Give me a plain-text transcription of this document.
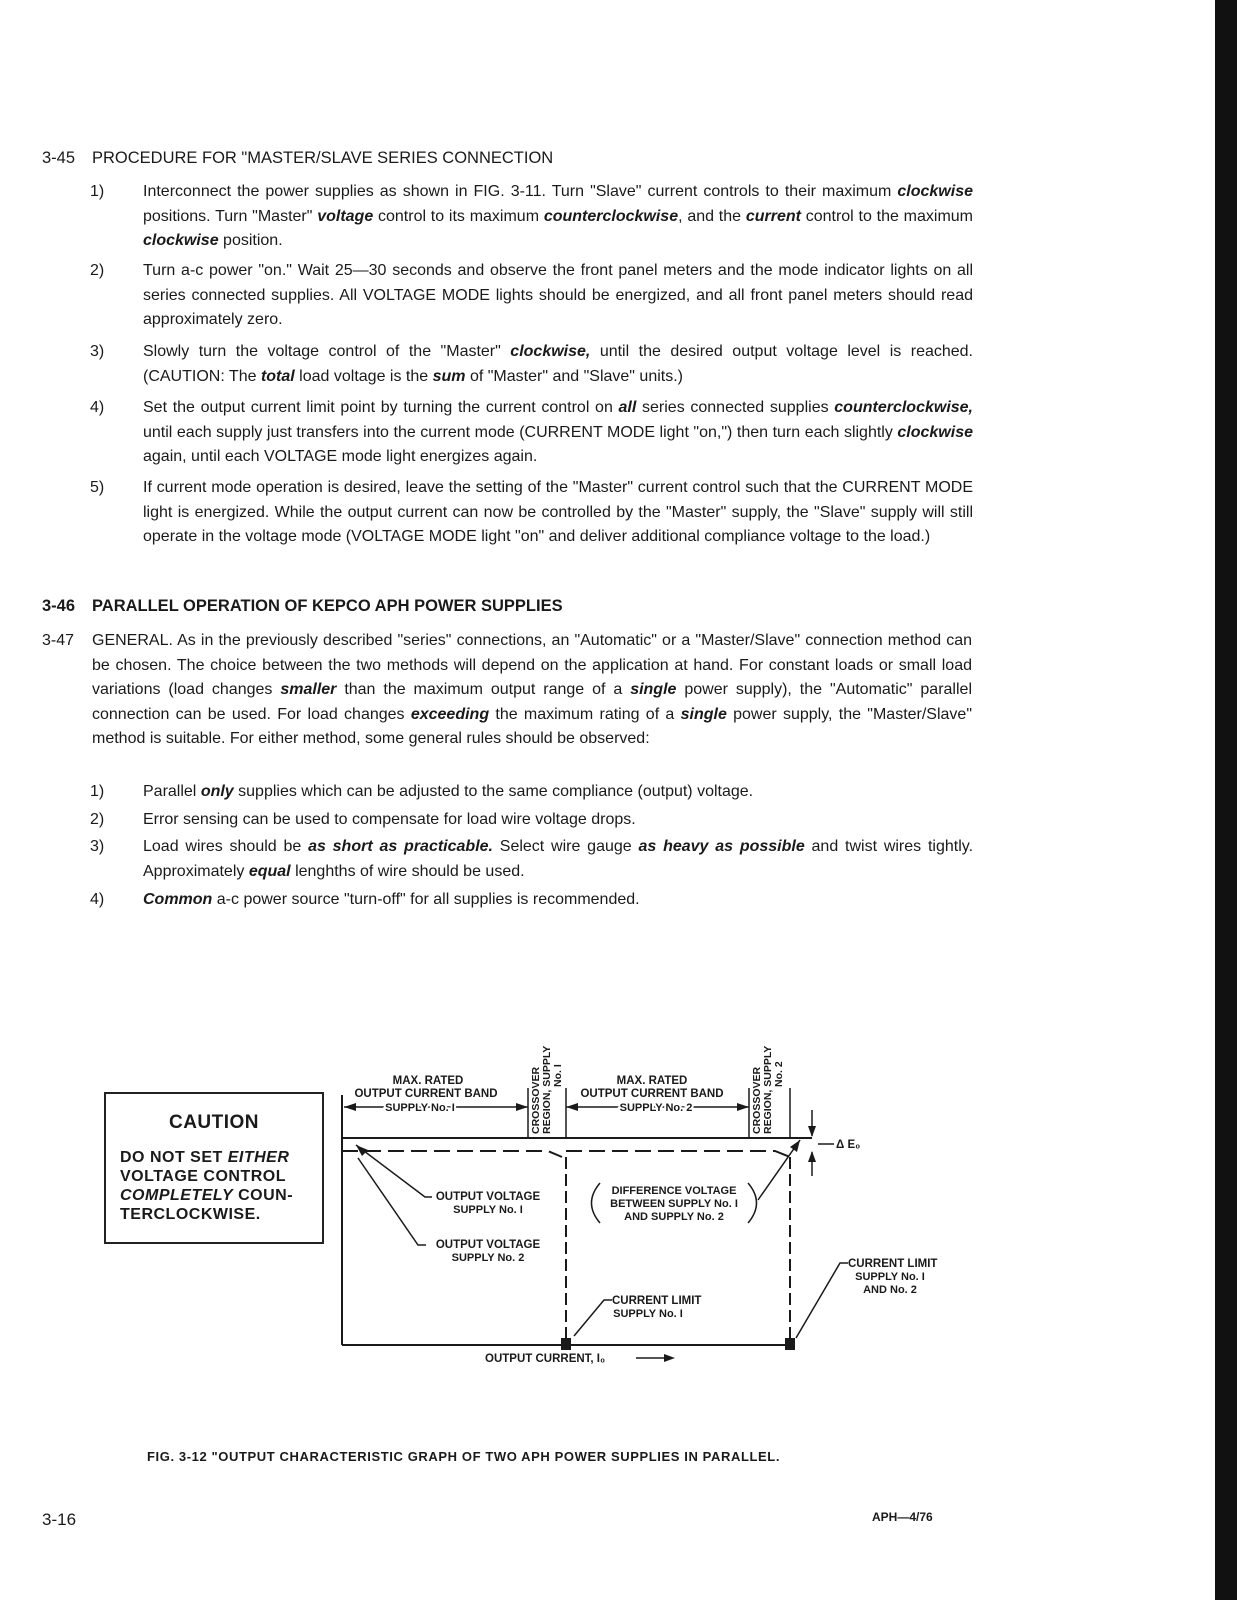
3-45 PROCEDURE FOR "MASTER/SLAVE SERIES CONNECTION
1) Interconnect the power supplies as shown in FIG. 3-11. Turn "Slave" current controls to their maximum clockwise positions. Turn "Master" voltage control to its maximum counterclockwise, and the current control to the maximum clockwise position.
2) Turn a-c power "on." Wait 25—30 seconds and observe the front panel meters and the mode indicator lights on all series connected supplies. All VOLTAGE MODE lights should be energized, and all front panel meters should read approximately zero.
3) Slowly turn the voltage control of the "Master" clockwise, until the desired output voltage level is reached. (CAUTION: The total load voltage is the sum of "Master" and "Slave" units.)
4) Set the output current limit point by turning the current control on all series connected supplies counterclockwise, until each supply just transfers into the current mode (CURRENT MODE light "on,") then turn each slightly clockwise again, until each VOLTAGE mode light energizes again.
5) If current mode operation is desired, leave the setting of the "Master" current control such that the CURRENT MODE light is energized. While the output current can now be controlled by the "Master" supply, the "Slave" supply will still operate in the voltage mode (VOLTAGE MODE light "on" and deliver additional compliance voltage to the load.)
3-46 PARALLEL OPERATION OF KEPCO APH POWER SUPPLIES
3-47 GENERAL. As in the previously described "series" connections, an "Automatic" or a "Master/Slave" connection method can be chosen. The choice between the two methods will depend on the application at hand. For constant loads or small load variations (load changes smaller than the maximum output range of a single power supply), the "Automatic" parallel connection can be used. For load changes exceeding the maximum rating of a single power supply, the "Master/Slave" method is suitable. For either method, some general rules should be observed:
1) Parallel only supplies which can be adjusted to the same compliance (output) voltage.
2) Error sensing can be used to compensate for load wire voltage drops.
3) Load wires should be as short as practicable. Select wire gauge as heavy as possible and twist wires tightly. Approximately equal lenghths of wire should be used.
4) Common a-c power source "turn-off" for all supplies is recommended.
CAUTION
DO NOT SET EITHER VOLTAGE CONTROL COMPLETELY COUN-TERCLOCKWISE.
MAX. RATED
OUTPUT CURRENT BAND
SUPPLY No. I
MAX. RATED
OUTPUT CURRENT BAND
SUPPLY No. 2
CROSSOVER REGION, SUPPLY No. I	CROSSOVER REGION, SUPPLY No. 2
Δ E₀
OUTPUT VOLTAGE
SUPPLY No. I
OUTPUT VOLTAGE
SUPPLY No. 2
DIFFERENCE VOLTAGE
BETWEEN SUPPLY No. I
AND SUPPLY No. 2
CURRENT LIMIT
SUPPLY No. I
CURRENT LIMIT
SUPPLY No. I
AND No. 2
OUTPUT CURRENT, I₀
FIG. 3-12 "OUTPUT CHARACTERISTIC GRAPH OF TWO APH POWER SUPPLIES IN PARALLEL.
3-16	APH—4/76
